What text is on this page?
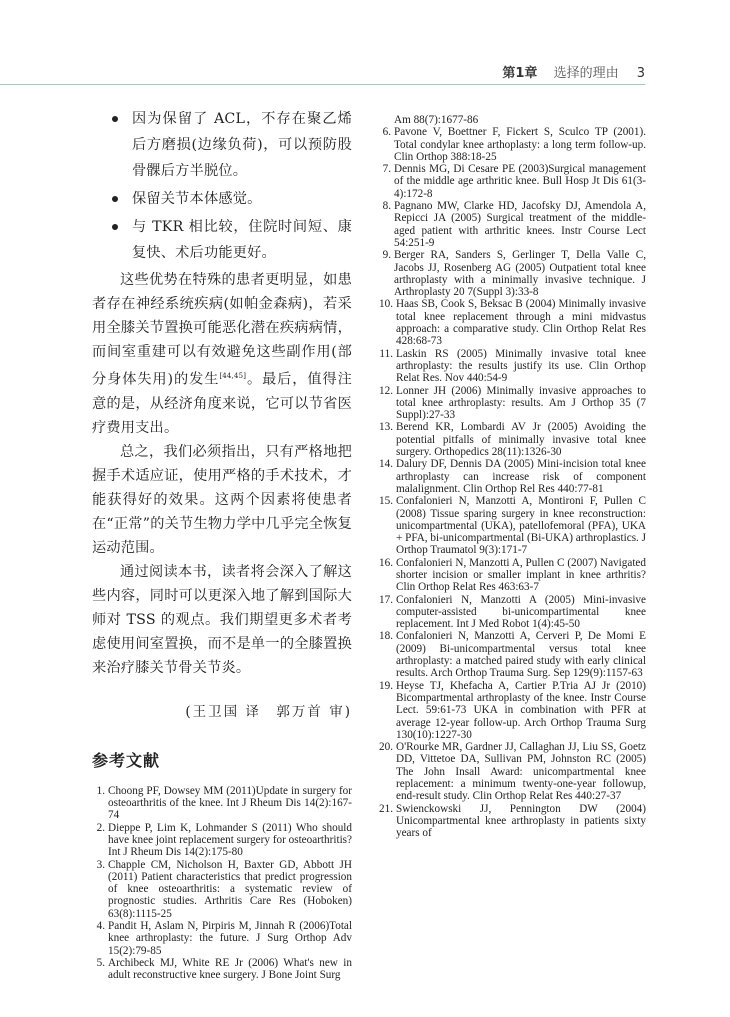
第1章 选择的理由 3
因为保留了 ACL，不存在聚乙烯后方磨损(边缘负荷)，可以预防股骨髁后方半脱位。
保留关节本体感觉。
与 TKR 相比较，住院时间短、康复快、术后功能更好。

这些优势在特殊的患者更明显，如患者存在神经系统疾病(如帕金森病)，若采用全膝关节置换可能恶化潜在疾病病情，而间室重建可以有效避免这些副作用(部分身体失用)的发生[44,45]。最后，值得注意的是，从经济角度来说，它可以节省医疗费用支出。

总之，我们必须指出，只有严格地把握手术适应证，使用严格的手术技术，才能获得好的效果。这两个因素将使患者在“正常”的关节生物力学中几乎完全恢复运动范围。

通过阅读本书，读者将会深入了解这些内容，同时可以更深入地了解到国际大师对 TSS 的观点。我们期望更多术者考虑使用间室置换，而不是单一的全膝置换来治疗膝关节骨关节炎。

(王卫国 译　郭万首 审)
参考文献
1. Choong PF, Dowsey MM (2011)Update in surgery for osteoarthritis of the knee. Int J Rheum Dis 14(2):167-74
2. Dieppe P, Lim K, Lohmander S (2011) Who should have knee joint replacement surgery for osteoarthritis? Int J Rheum Dis 14(2):175-80
3. Chapple CM, Nicholson H, Baxter GD, Abbott JH (2011) Patient characteristics that predict progression of knee osteoarthritis: a systematic review of prognostic studies. Arthritis Care Res (Hoboken) 63(8):1115-25
4. Pandit H, Aslam N, Pirpiris M, Jinnah R (2006)Total knee arthroplasty: the future. J Surg Orthop Adv 15(2):79-85
5. Archibeck MJ, White RE Jr (2006) What's new in adult reconstructive knee surgery. J Bone Joint Surg
Am 88(7):1677-86
6. Pavone V, Boettner F, Fickert S, Sculco TP (2001). Total condylar knee arthoplasty: a long term follow-up. Clin Orthop 388:18-25
7. Dennis MG, Di Cesare PE (2003)Surgical management of the middle age arthritic knee. Bull Hosp Jt Dis 61(3-4):172-8
8. Pagnano MW, Clarke HD, Jacofsky DJ, Amendola A, Repicci JA (2005) Surgical treatment of the middle-aged patient with arthritic knees. Instr Course Lect 54:251-9
9. Berger RA, Sanders S, Gerlinger T, Della Valle C, Jacobs JJ, Rosenberg AG (2005) Outpatient total knee arthroplasty with a minimally invasive technique. J Arthroplasty 20 7(Suppl 3):33-8
10. Haas SB, Cook S, Beksac B (2004) Minimally invasive total knee replacement through a mini midvastus approach: a comparative study. Clin Orthop Relat Res 428:68-73
11. Laskin RS (2005) Minimally invasive total knee arthroplasty: the results justify its use. Clin Orthop Relat Res. Nov 440:54-9
12. Lonner JH (2006) Minimally invasive approaches to total knee arthroplasty: results. Am J Orthop 35 (7 Suppl):27-33
13. Berend KR, Lombardi AV Jr (2005) Avoiding the potential pitfalls of minimally invasive total knee surgery. Orthopedics 28(11):1326-30
14. Dalury DF, Dennis DA (2005) Mini-incision total knee arthroplasty can increase risk of component malalignment. Clin Orthop Rel Res 440:77-81
15. Confalonieri N, Manzotti A, Montironi F, Pullen C (2008) Tissue sparing surgery in knee reconstruction: unicompartmental (UKA), patellofemoral (PFA), UKA + PFA, bi-unicompartmental (Bi-UKA) arthroplastics. J Orthop Traumatol 9(3):171-7
16. Confalonieri N, Manzotti A, Pullen C (2007) Navigated shorter incision or smaller implant in knee arthritis? Clin Orthop Relat Res 463:63-7
17. Confalonieri N, Manzotti A (2005) Mini-invasive computer-assisted bi-unicompartimental knee replacement. Int J Med Robot 1(4):45-50
18. Confalonieri N, Manzotti A, Cerveri P, De Momi E (2009) Bi-unicompartmental versus total knee arthroplasty: a matched paired study with early clinical results. Arch Orthop Trauma Surg. Sep 129(9):1157-63
19. Heyse TJ, Khefacha A, Cartier P.Tria AJ Jr (2010) Bicompartmental arthroplasty of the knee. Instr Course Lect. 59:61-73 UKA in combination with PFR at average 12-year follow-up. Arch Orthop Trauma Surg 130(10):1227-30
20. O'Rourke MR, Gardner JJ, Callaghan JJ, Liu SS, Goetz DD, Vittetoe DA, Sullivan PM, Johnston RC (2005) The John Insall Award: unicompartmental knee replacement: a minimum twenty-one-year followup, end-result study. Clin Orthop Relat Res 440:27-37
21. Swienckowski JJ, Pennington DW (2004) Unicompartmental knee arthroplasty in patients sixty years of
